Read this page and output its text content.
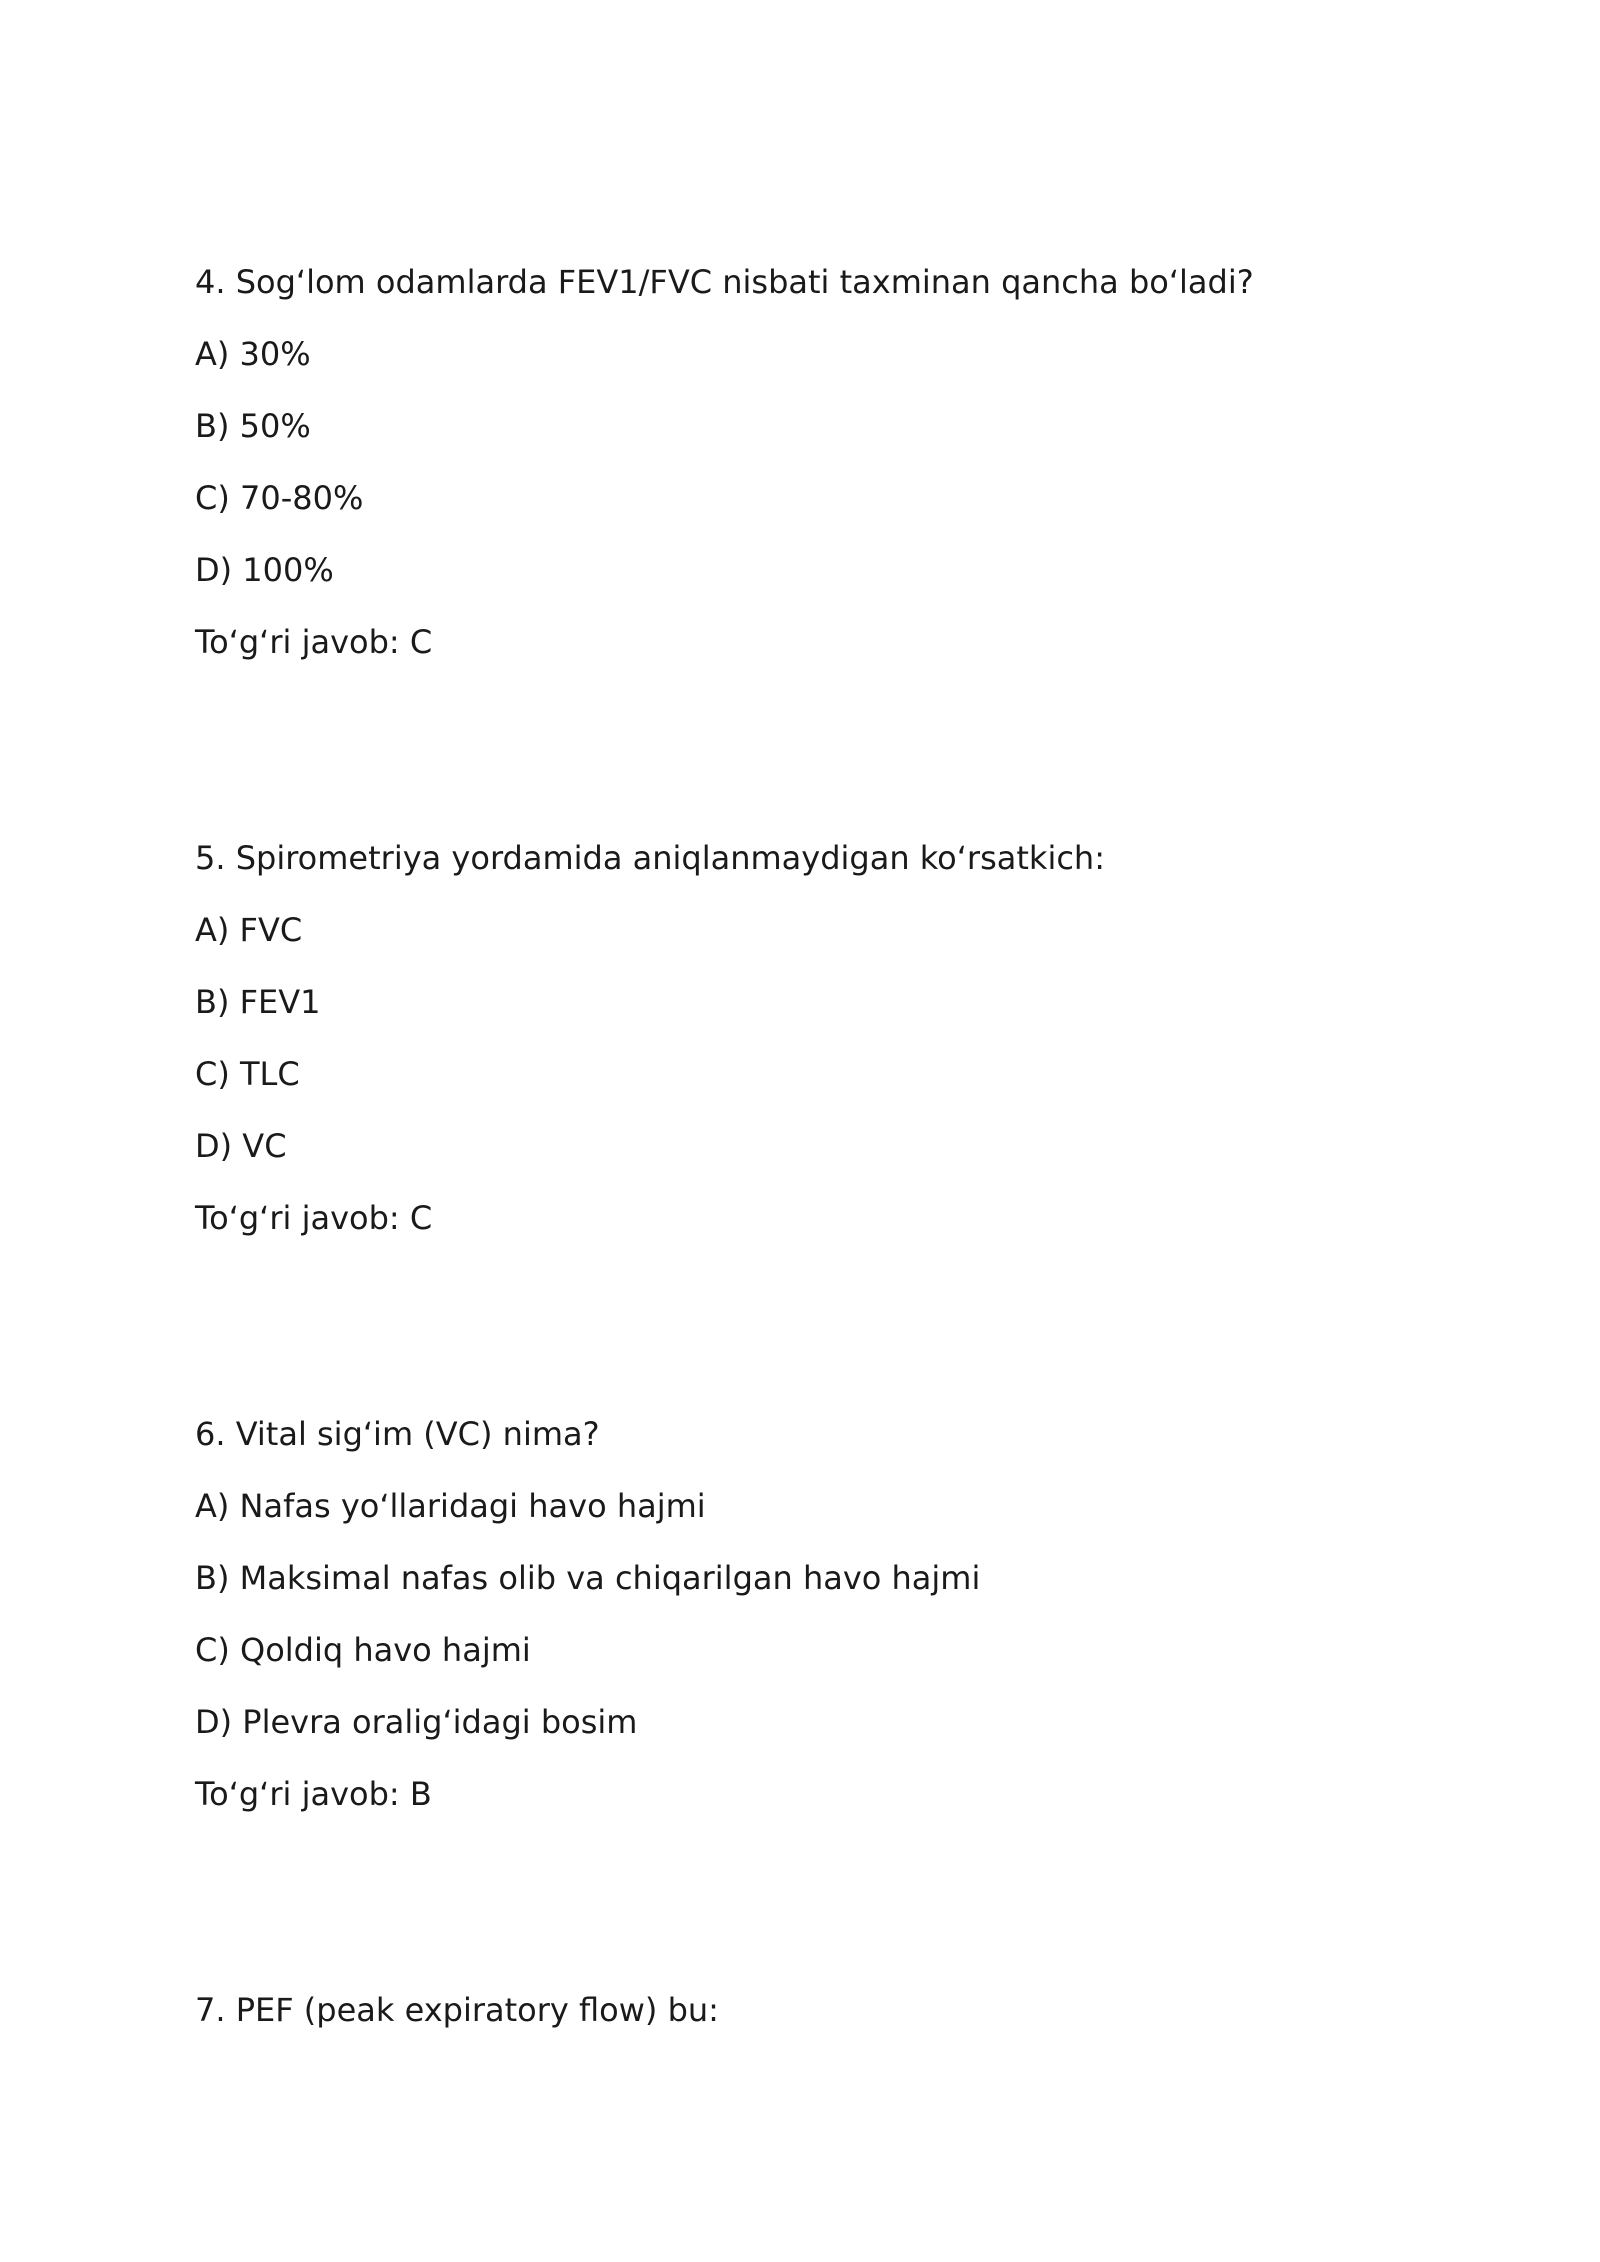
4. Sog‘lom odamlarda FEV1/FVC nisbati taxminan qancha bo‘ladi?

A) 30%

B) 50%

C) 70-80%

D) 100%

To‘g‘ri javob: C

5. Spirometriya yordamida aniqlanmaydigan ko‘rsatkich:

A) FVC

B) FEV1

C) TLC

D) VC

To‘g‘ri javob: C

6. Vital sig‘im (VC) nima?

A) Nafas yo‘llaridagi havo hajmi

B) Maksimal nafas olib va chiqarilgan havo hajmi

C) Qoldiq havo hajmi

D) Plevra oralig‘idagi bosim

To‘g‘ri javob: B

7. PEF (peak expiratory flow) bu:
